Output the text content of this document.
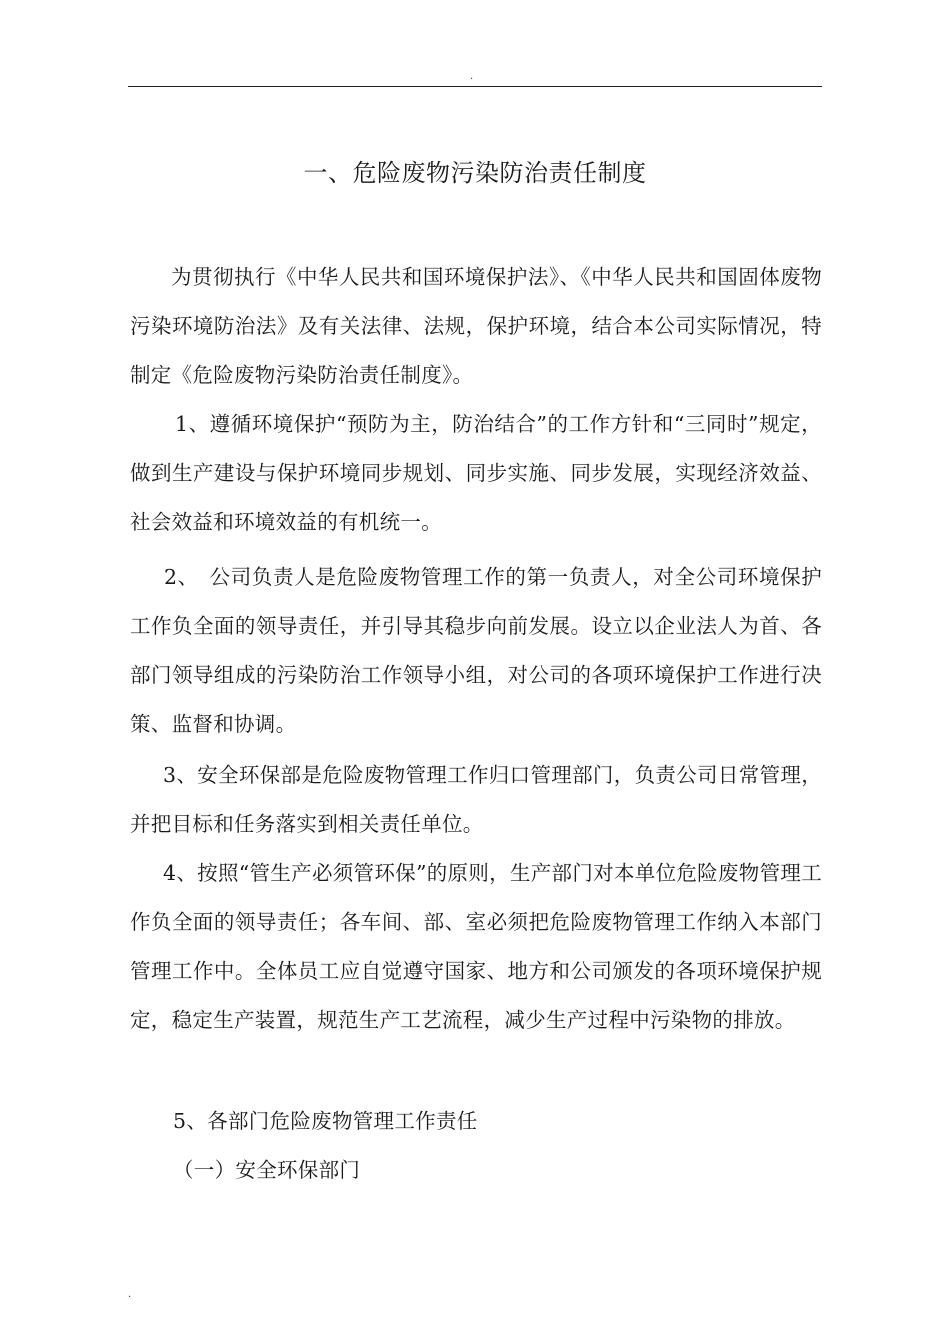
.
一、危险废物污染防治责任制度
为贯彻执行《中华人民共和国环境保护法》、《中华人民共和国固体废物污染环境防治法》及有关法律、法规，保护环境，结合本公司实际情况，特制定《危险废物污染防治责任制度》。
1、遵循环境保护“预防为主，防治结合”的工作方针和“三同时”规定，做到生产建设与保护环境同步规划、同步实施、同步发展，实现经济效益、社会效益和环境效益的有机统一。
2、　公司负责人是危险废物管理工作的第一负责人，对全公司环境保护工作负全面的领导责任，并引导其稳步向前发展。设立以企业法人为首、各部门领导组成的污染防治工作领导小组，对公司的各项环境保护工作进行决策、监督和协调。
3、安全环保部是危险废物管理工作归口管理部门，负责公司日常管理，并把目标和任务落实到相关责任单位。
4、按照“管生产必须管环保”的原则，生产部门对本单位危险废物管理工作负全面的领导责任；各车间、部、室必须把危险废物管理工作纳入本部门管理工作中。全体员工应自觉遵守国家、地方和公司颁发的各项环境保护规定，稳定生产装置，规范生产工艺流程，减少生产过程中污染物的排放。
5、各部门危险废物管理工作责任
（一）安全环保部门
.
